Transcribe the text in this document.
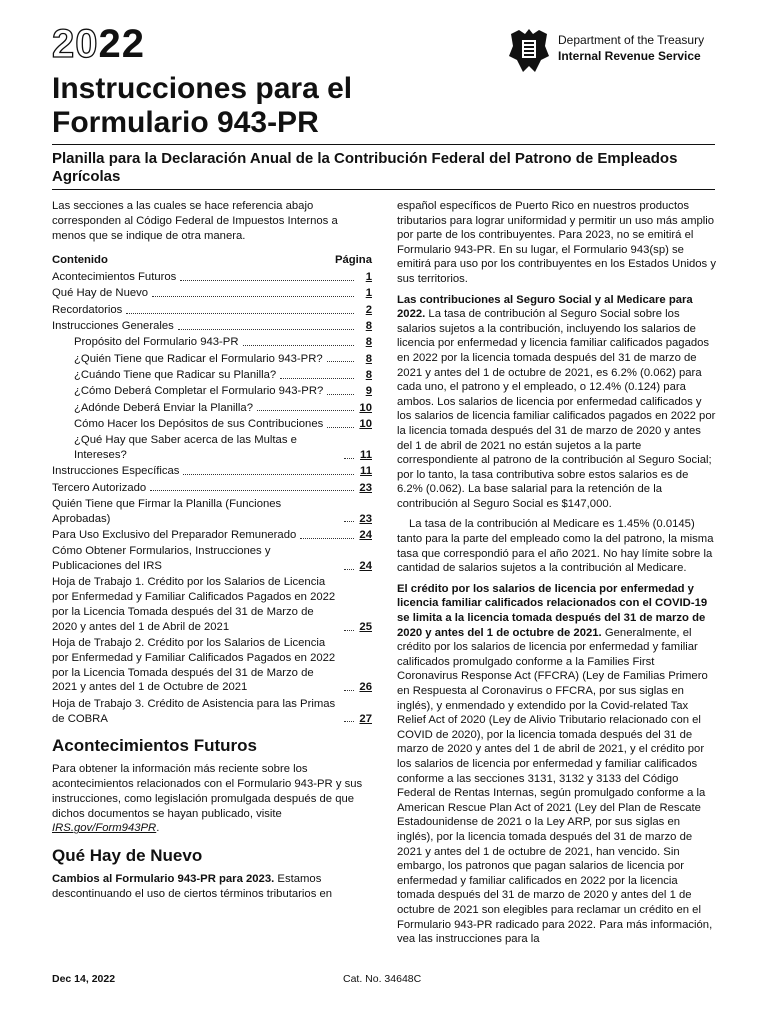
2022	Department of the Treasury
Internal Revenue Service
Instrucciones para el
Formulario 943-PR
Planilla para la Declaración Anual de la Contribución Federal del Patrono de Empleados Agrícolas

Las secciones a las cuales se hace referencia abajo corresponden al Código Federal de Impuestos Internos a menos que se indique de otra manera.

Contenido	Página
Acontecimientos Futuros	1
Qué Hay de Nuevo	1
Recordatorios	2
Instrucciones Generales	8
Propósito del Formulario 943-PR	8
¿Quién Tiene que Radicar el Formulario 943-PR?	8
¿Cuándo Tiene que Radicar su Planilla?	8
¿Cómo Deberá Completar el Formulario 943-PR?	9
¿Adónde Deberá Enviar la Planilla?	10
Cómo Hacer los Depósitos de sus Contribuciones	10
¿Qué Hay que Saber acerca de las Multas e Intereses?	11
Instrucciones Específicas	11
Tercero Autorizado	23
Quién Tiene que Firmar la Planilla (Funciones Aprobadas)	23
Para Uso Exclusivo del Preparador Remunerado	24
Cómo Obtener Formularios, Instrucciones y Publicaciones del IRS	24
Hoja de Trabajo 1. Crédito por los Salarios de Licencia por Enfermedad y Familiar Calificados Pagados en 2022 por la Licencia Tomada después del 31 de Marzo de 2020 y antes del 1 de Abril de 2021	25
Hoja de Trabajo 2. Crédito por los Salarios de Licencia por Enfermedad y Familiar Calificados Pagados en 2022 por la Licencia Tomada después del 31 de Marzo de 2021 y antes del 1 de Octubre de 2021	26
Hoja de Trabajo 3. Crédito de Asistencia para las Primas de COBRA	27
Acontecimientos Futuros

Para obtener la información más reciente sobre los acontecimientos relacionados con el Formulario 943-PR y sus instrucciones, como legislación promulgada después de que dichos documentos se hayan publicado, visite IRS.gov/Form943PR.

Qué Hay de Nuevo

Cambios al Formulario 943-PR para 2023. Estamos descontinuando el uso de ciertos términos tributarios en

español específicos de Puerto Rico en nuestros productos tributarios para lograr uniformidad y permitir un uso más amplio por parte de los contribuyentes. Para 2023, no se emitirá el Formulario 943-PR. En su lugar, el Formulario 943(sp) se emitirá para uso por los contribuyentes en los Estados Unidos y sus territorios.

Las contribuciones al Seguro Social y al Medicare para 2022. La tasa de contribución al Seguro Social sobre los salarios sujetos a la contribución, incluyendo los salarios de licencia por enfermedad y licencia familiar calificados pagados en 2022 por la licencia tomada después del 31 de marzo de 2021 y antes del 1 de octubre de 2021, es 6.2% (0.062) para cada uno, el patrono y el empleado, o 12.4% (0.124) para ambos. Los salarios de licencia por enfermedad calificados y los salarios de licencia familiar calificados pagados en 2022 por la licencia tomada después del 31 de marzo de 2020 y antes del 1 de abril de 2021 no están sujetos a la parte correspondiente al patrono de la contribución al Seguro Social; por lo tanto, la tasa contributiva sobre estos salarios es de 6.2% (0.062). La base salarial para la retención de la contribución al Seguro Social es $147,000.

La tasa de la contribución al Medicare es 1.45% (0.0145) tanto para la parte del empleado como la del patrono, la misma tasa que correspondió para el año 2021. No hay límite sobre la cantidad de salarios sujetos a la contribución al Medicare.

El crédito por los salarios de licencia por enfermedad y licencia familiar calificados relacionados con el COVID-19 se limita a la licencia tomada después del 31 de marzo de 2020 y antes del 1 de octubre de 2021. Generalmente, el crédito por los salarios de licencia por enfermedad y familiar calificados promulgado conforme a la Families First Coronavirus Response Act (FFCRA) (Ley de Familias Primero en Respuesta al Coronavirus o FFCRA, por sus siglas en inglés), y enmendado y extendido por la Covid-related Tax Relief Act of 2020 (Ley de Alivio Tributario relacionado con el COVID de 2020), por la licencia tomada después del 31 de marzo de 2020 y antes del 1 de abril de 2021, y el crédito por los salarios de licencia por enfermedad y familiar calificados conforme a las secciones 3131, 3132 y 3133 del Código Federal de Rentas Internas, según promulgado conforme a la American Rescue Plan Act of 2021 (Ley del Plan de Rescate Estadounidense de 2021 o la Ley ARP, por sus siglas en inglés), por la licencia tomada después del 31 de marzo de 2021 y antes del 1 de octubre de 2021, han vencido. Sin embargo, los patronos que pagan salarios de licencia por enfermedad y familiar calificados en 2022 por la licencia tomada después del 31 de marzo de 2020 y antes del 1 de octubre de 2021 son elegibles para reclamar un crédito en el Formulario 943-PR radicado para 2022. Para más información, vea las instrucciones para la

Dec 14, 2022	Cat. No. 34648C
